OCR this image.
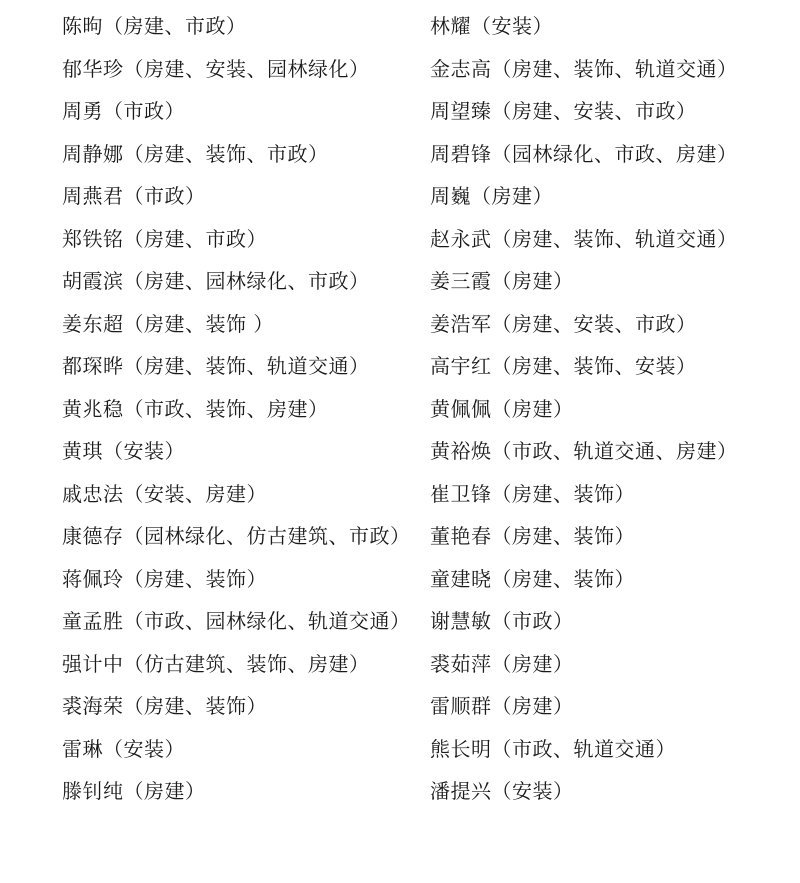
陈昫（房建、市政）
郁华珍（房建、安装、园林绿化）
周勇（市政）
周静娜（房建、装饰、市政）
周燕君（市政）
郑铁铭（房建、市政）
胡霞滨（房建、园林绿化、市政）
姜东超（房建、装饰 ）
都琛晔（房建、装饰、轨道交通）
黄兆稳（市政、装饰、房建）
黄琪（安装）
戚忠法（安装、房建）
康德存（园林绿化、仿古建筑、市政）
蒋佩玲（房建、装饰）
童孟胜（市政、园林绿化、轨道交通）
强计中（仿古建筑、装饰、房建）
裘海荣（房建、装饰）
雷琳（安装）
滕钊纯（房建）
林耀（安装）
金志高（房建、装饰、轨道交通）
周望臻（房建、安装、市政）
周碧锋（园林绿化、市政、房建）
周巍（房建）
赵永武（房建、装饰、轨道交通）
姜三霞（房建）
姜浩军（房建、安装、市政）
高宇红（房建、装饰、安装）
黄佩佩（房建）
黄裕焕（市政、轨道交通、房建）
崔卫锋（房建、装饰）
董艳春（房建、装饰）
童建晓（房建、装饰）
谢慧敏（市政）
裘茹萍（房建）
雷顺群（房建）
熊长明（市政、轨道交通）
潘提兴（安装）
